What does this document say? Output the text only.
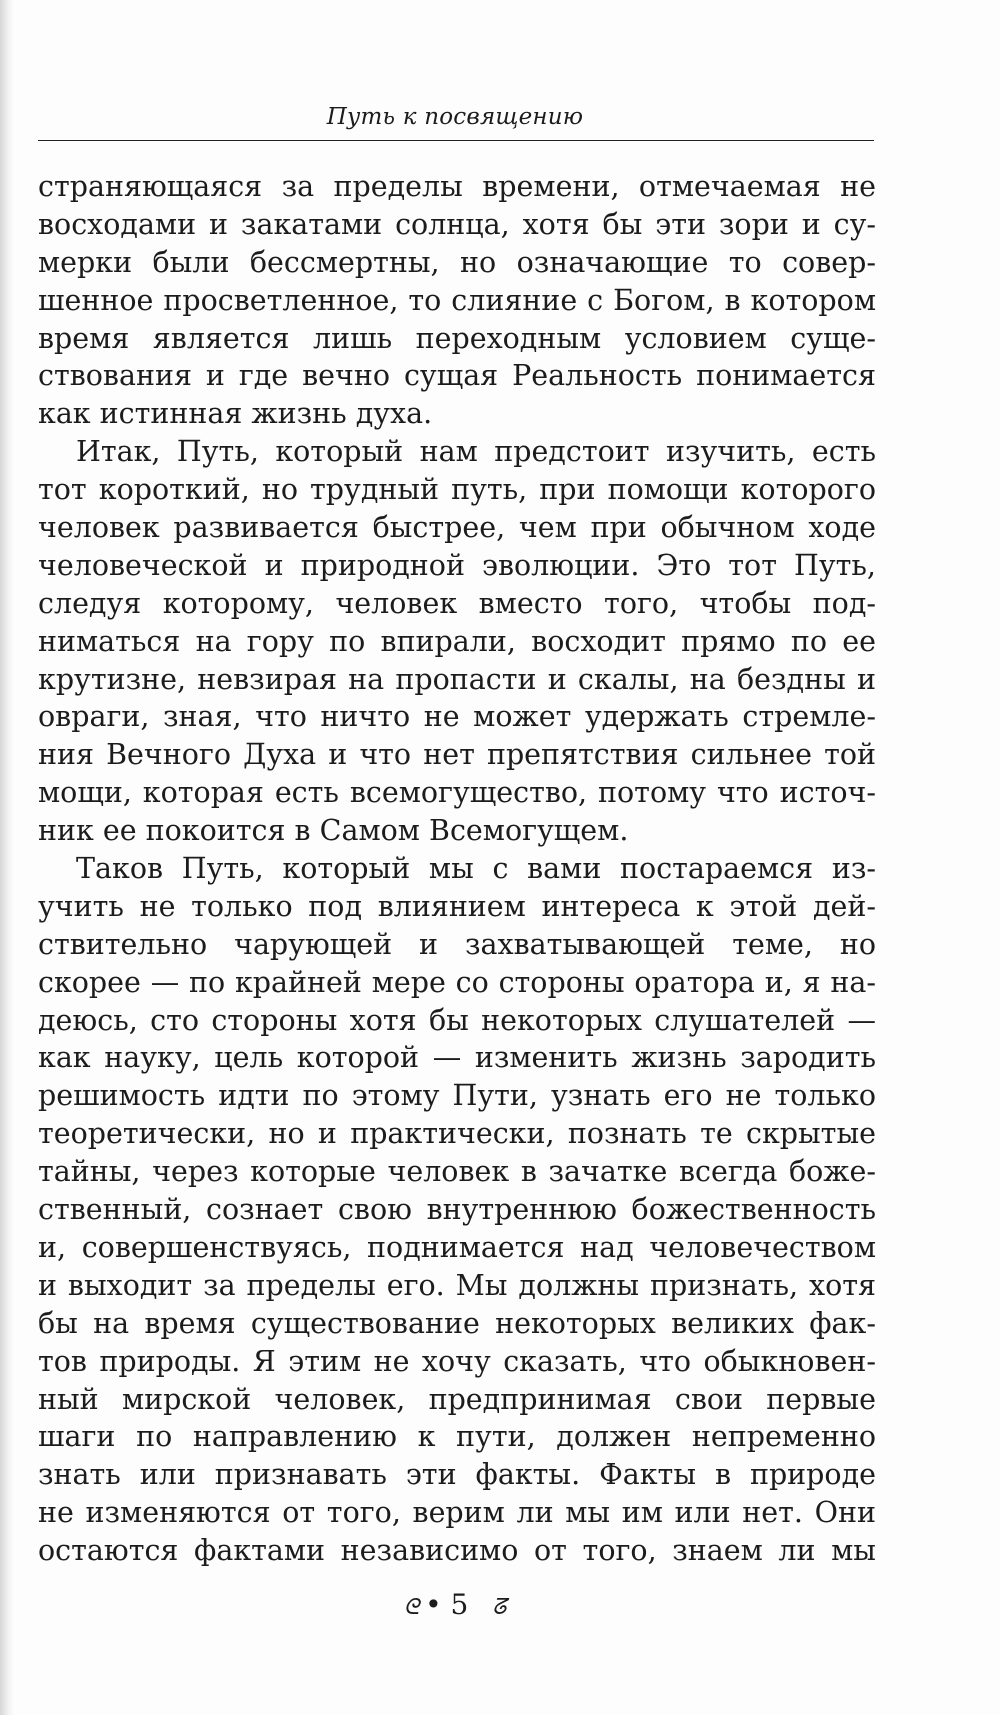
Путь к посвящению
страняющаяся за пределы времени, отмечаемая не
восходами и закатами солнца, хотя бы эти зори и су-
мерки были бессмертны, но означающие то совер-
шенное просветленное, то слияние с Богом, в котором
время является лишь переходным условием суще-
ствования и где вечно сущая Реальность понимается
как истинная жизнь духа.
Итак, Путь, который нам предстоит изучить, есть
тот короткий, но трудный путь, при помощи которого
человек развивается быстрее, чем при обычном ходе
человеческой и природной эволюции. Это тот Путь,
следуя которому, человек вместо того, чтобы под-
ниматься на гору по впирали, восходит прямо по ее
крутизне, невзирая на пропасти и скалы, на бездны и
овраги, зная, что ничто не может удержать стремле-
ния Вечного Духа и что нет препятствия сильнее той
мощи, которая есть всемогущество, потому что источ-
ник ее покоится в Самом Всемогущем.
Таков Путь, который мы с вами постараемся из-
учить не только под влиянием интереса к этой дей-
ствительно чарующей и захватывающей теме, но
скорее — по крайней мере со стороны оратора и, я на-
деюсь, сто стороны хотя бы некоторых слушателей —
как науку, цель которой — изменить жизнь зародить
решимость идти по этому Пути, узнать его не только
теоретически, но и практически, познать те скрытые
тайны, через которые человек в зачатке всегда боже-
ственный, сознает свою внутреннюю божественность
и, совершенствуясь, поднимается над человечеством
и выходит за пределы его. Мы должны признать, хотя
бы на время существование некоторых великих фак-
тов природы. Я этим не хочу сказать, что обыкновен-
ный мирской человек, предпринимая свои первые
шаги по направлению к пути, должен непременно
знать или признавать эти факты. Факты в природе
не изменяются от того, верим ли мы им или нет. Они
остаются фактами независимо от того, знаем ли мы
ᘓ • 5 ᘔ
